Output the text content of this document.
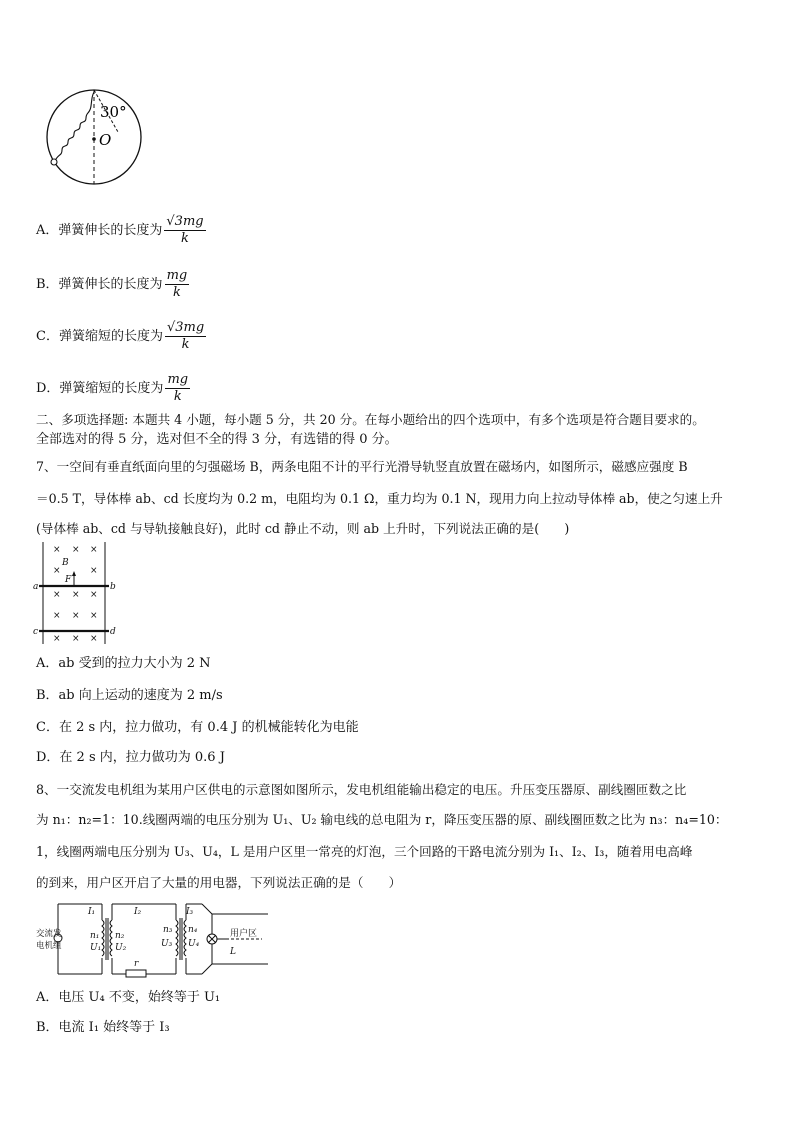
30°
O
A．弹簧伸长的长度为 $\frac{√3mg}{k}$
B．弹簧伸长的长度为 $\frac{mg}{k}$
C．弹簧缩短的长度为 $\frac{√3mg}{k}$
D．弹簧缩短的长度为 $\frac{mg}{k}$
二、多项选择题: 本题共 4 小题，每小题 5 分，共 20 分。在每小题给出的四个选项中，有多个选项是符合题目要求的。
全部选对的得 5 分，选对但不全的得 3 分，有选错的得 0 分。
7、一空间有垂直纸面向里的匀强磁场 B，两条电阻不计的平行光滑导轨竖直放置在磁场内，如图所示，磁感应强度 B
＝0.5 T，导体棒 ab、cd 长度均为 0.2 m，电阻均为 0.1 Ω，重力均为 0.1 N，现用力向上拉动导体棒 ab，使之匀速上升
(导体棒 ab、cd 与导轨接触良好)，此时 cd 静止不动，则 ab 上升时，下列说法正确的是(　　)
× × ×
×	×
× × ×
× × ×
× × ×
B
F
a	b
c	d
A．ab 受到的拉力大小为 2 N
B．ab 向上运动的速度为 2 m/s
C．在 2 s 内，拉力做功，有 0.4 J 的机械能转化为电能
D．在 2 s 内，拉力做功为 0.6 J
8、一交流发电机组为某用户区供电的示意图如图所示，发电机组能输出稳定的电压。升压变压器原、副线圈匝数之比
为 n₁：n₂=1：10.线圈两端的电压分别为 U₁、U₂ 输电线的总电阻为 r，降压变压器的原、副线圈匝数之比为 n₃：n₄=10：
1，线圈两端电压分别为 U₃、U₄，L 是用户区里一常亮的灯泡，三个回路的干路电流分别为 I₁、I₂、I₃，随着用电高峰
的到来，用户区开启了大量的用电器，下列说法正确的是（　　）
交流发
电机组
用户区
I₁	I₂	I₃
n₁
U₁
n₂
U₂
n₃
U₃
n₄
U₄
r
L
A．电压 U₄ 不变，始终等于 U₁
B．电流 I₁ 始终等于 I₃
